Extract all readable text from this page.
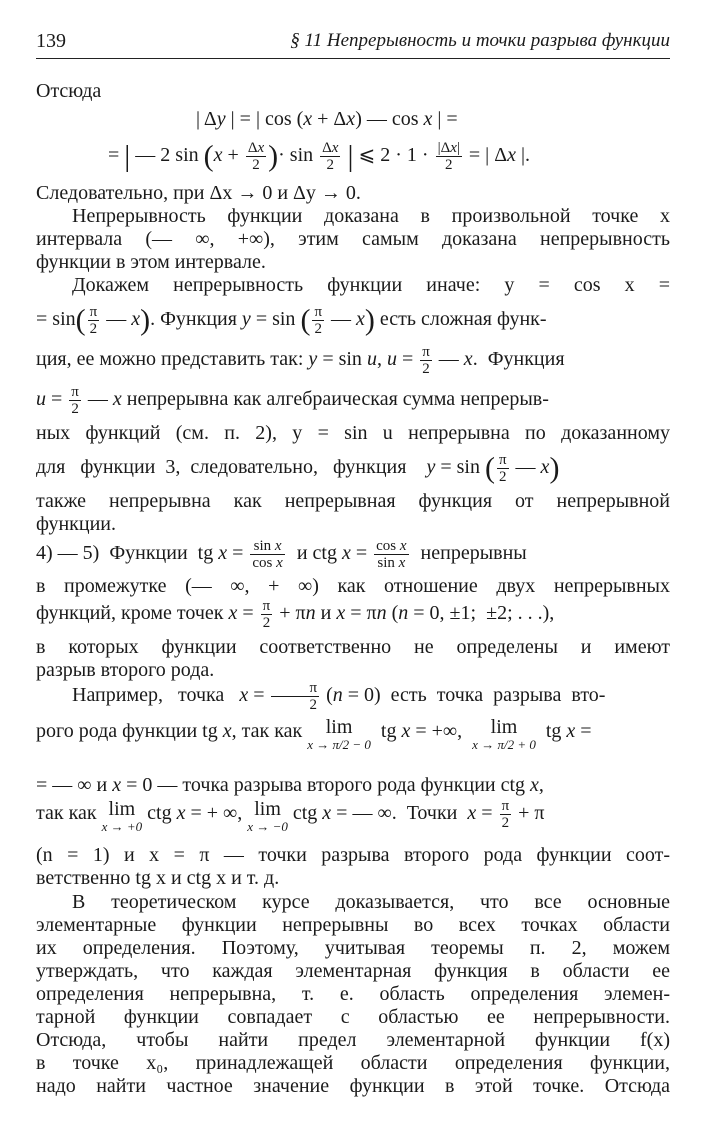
139	§ 11 Непрерывность и точки разрыва функции
Отсюда
| Δy | = | cos (x + Δx) — cos x | =
= | — 2 $\sin (x + \frac{\Delta x}{2}$ )· $\sin \frac{\Delta x}{2}$ | ⩽ $2 \cdot 1 \cdot \frac{|\Delta x|}{2}$ = | Δx |.
Следовательно, при Δx → 0 и Δy → 0.
Непрерывность функции доказана в произвольной точке x
интервала (— ∞, +∞), этим самым доказана непрерывность
функции в этом интервале.
Докажем непрерывность функции иначе: y = cos x =
= $\sin( \frac{\pi}{2}$ — x). Функция y = sin ( $\frac{\pi}{2}$ — x) есть сложная функ-
ция, ее можно представить так: y = sin u, $u = \frac{\pi}{2}$ — x.  Функция
$u = \frac{\pi}{2}$ — x непрерывна как алгебраическая сумма непрерыв-
ных функций (см. п. 2), y = sin u непрерывна по доказанному
для   функции  3,  следовательно,   функция    y = sin ( $\frac{\pi}{2}$ — x)
также непрерывна как непрерывная функция от непрерывной
функции.
4) — 5)  Функции  tg $x = \frac{\text{sin x}}{\text{cos x}}$ и ctg $x = \frac{\text{cos x}}{\text{sin x}}$ непрерывны
в промежутке (— ∞, + ∞) как отношение двух непрерывных
функций, кроме точек $x = \frac{\pi}{2} + \pi n$ и x = πn (n = 0, ±1;  ±2; . . .),
в которых функции соответственно не определены и имеют
разрыв второго рода.
Например,   точка   $x = \frac{\pi}{2} (n = 0)$  есть  точка  разрыва  вто-
рого рода функции tg x, так как lim
x → π/2 − 0
tg x = +∞,  lim
x → π/2 + 0
tg x =
= — ∞ и x = 0 — точка разрыва второго рода функции ctg x,
так как lim
x → +0
ctg x = + ∞, lim
x → −0
ctg x = — ∞.  Точки  $x = \frac{\pi}{2} + \pi$
(n = 1) и x = π — точки разрыва второго рода функции соот-
ветственно tg x и ctg x и т. д.
В теоретическом курсе доказывается, что все основные
элементарные функции непрерывны во всех точках области
их определения. Поэтому, учитывая теоремы п. 2, можем
утверждать, что каждая элементарная функция в области ее
определения непрерывна, т. е. область определения элемен-
тарной функции совпадает с областью ее непрерывности.
Отсюда, чтобы найти предел элементарной функции f(x)
в точке x₀, принадлежащей области определения функции,
надо найти частное значение функции в этой точке. Отсюда
